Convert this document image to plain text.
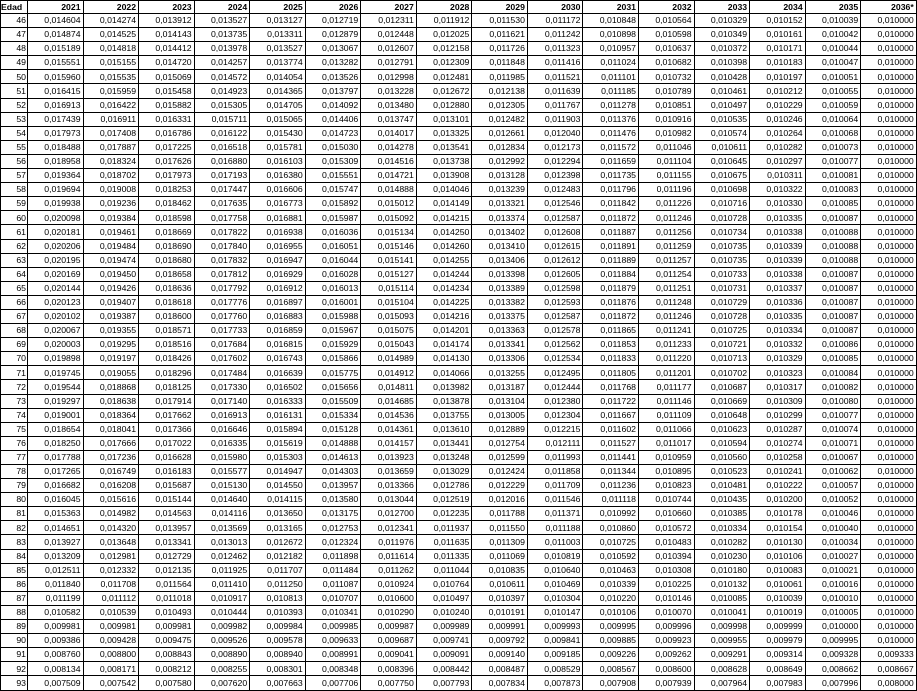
Edad	2021	2022	2023	2024	2025	2026	2027	2028	2029	2030	2031	2032	2033	2034	2035	2036*
46	0,014604	0,014274	0,013912	0,013527	0,013127	0,012719	0,012311	0,011912	0,011530	0,011172	0,010848	0,010564	0,010329	0,010152	0,010039	0,010000
47	0,014874	0,014525	0,014143	0,013735	0,013311	0,012879	0,012448	0,012025	0,011621	0,011242	0,010898	0,010598	0,010349	0,010161	0,010042	0,010000
48	0,015189	0,014818	0,014412	0,013978	0,013527	0,013067	0,012607	0,012158	0,011726	0,011323	0,010957	0,010637	0,010372	0,010171	0,010044	0,010000
49	0,015551	0,015155	0,014720	0,014257	0,013774	0,013282	0,012791	0,012309	0,011848	0,011416	0,011024	0,010682	0,010398	0,010183	0,010047	0,010000
50	0,015960	0,015535	0,015069	0,014572	0,014054	0,013526	0,012998	0,012481	0,011985	0,011521	0,011101	0,010732	0,010428	0,010197	0,010051	0,010000
51	0,016415	0,015959	0,015458	0,014923	0,014365	0,013797	0,013228	0,012672	0,012138	0,011639	0,011185	0,010789	0,010461	0,010212	0,010055	0,010000
52	0,016913	0,016422	0,015882	0,015305	0,014705	0,014092	0,013480	0,012880	0,012305	0,011767	0,011278	0,010851	0,010497	0,010229	0,010059	0,010000
53	0,017439	0,016911	0,016331	0,015711	0,015065	0,014406	0,013747	0,013101	0,012482	0,011903	0,011376	0,010916	0,010535	0,010246	0,010064	0,010000
54	0,017973	0,017408	0,016786	0,016122	0,015430	0,014723	0,014017	0,013325	0,012661	0,012040	0,011476	0,010982	0,010574	0,010264	0,010068	0,010000
55	0,018488	0,017887	0,017225	0,016518	0,015781	0,015030	0,014278	0,013541	0,012834	0,012173	0,011572	0,011046	0,010611	0,010282	0,010073	0,010000
56	0,018958	0,018324	0,017626	0,016880	0,016103	0,015309	0,014516	0,013738	0,012992	0,012294	0,011659	0,011104	0,010645	0,010297	0,010077	0,010000
57	0,019364	0,018702	0,017973	0,017193	0,016380	0,015551	0,014721	0,013908	0,013128	0,012398	0,011735	0,011155	0,010675	0,010311	0,010081	0,010000
58	0,019694	0,019008	0,018253	0,017447	0,016606	0,015747	0,014888	0,014046	0,013239	0,012483	0,011796	0,011196	0,010698	0,010322	0,010083	0,010000
59	0,019938	0,019236	0,018462	0,017635	0,016773	0,015892	0,015012	0,014149	0,013321	0,012546	0,011842	0,011226	0,010716	0,010330	0,010085	0,010000
60	0,020098	0,019384	0,018598	0,017758	0,016881	0,015987	0,015092	0,014215	0,013374	0,012587	0,011872	0,011246	0,010728	0,010335	0,010087	0,010000
61	0,020181	0,019461	0,018669	0,017822	0,016938	0,016036	0,015134	0,014250	0,013402	0,012608	0,011887	0,011256	0,010734	0,010338	0,010088	0,010000
62	0,020206	0,019484	0,018690	0,017840	0,016955	0,016051	0,015146	0,014260	0,013410	0,012615	0,011891	0,011259	0,010735	0,010339	0,010088	0,010000
63	0,020195	0,019474	0,018680	0,017832	0,016947	0,016044	0,015141	0,014255	0,013406	0,012612	0,011889	0,011257	0,010735	0,010339	0,010088	0,010000
64	0,020169	0,019450	0,018658	0,017812	0,016929	0,016028	0,015127	0,014244	0,013398	0,012605	0,011884	0,011254	0,010733	0,010338	0,010087	0,010000
65	0,020144	0,019426	0,018636	0,017792	0,016912	0,016013	0,015114	0,014234	0,013389	0,012598	0,011879	0,011251	0,010731	0,010337	0,010087	0,010000
66	0,020123	0,019407	0,018618	0,017776	0,016897	0,016001	0,015104	0,014225	0,013382	0,012593	0,011876	0,011248	0,010729	0,010336	0,010087	0,010000
67	0,020102	0,019387	0,018600	0,017760	0,016883	0,015988	0,015093	0,014216	0,013375	0,012587	0,011872	0,011246	0,010728	0,010335	0,010087	0,010000
68	0,020067	0,019355	0,018571	0,017733	0,016859	0,015967	0,015075	0,014201	0,013363	0,012578	0,011865	0,011241	0,010725	0,010334	0,010087	0,010000
69	0,020003	0,019295	0,018516	0,017684	0,016815	0,015929	0,015043	0,014174	0,013341	0,012562	0,011853	0,011233	0,010721	0,010332	0,010086	0,010000
70	0,019898	0,019197	0,018426	0,017602	0,016743	0,015866	0,014989	0,014130	0,013306	0,012534	0,011833	0,011220	0,010713	0,010329	0,010085	0,010000
71	0,019745	0,019055	0,018296	0,017484	0,016639	0,015775	0,014912	0,014066	0,013255	0,012495	0,011805	0,011201	0,010702	0,010323	0,010084	0,010000
72	0,019544	0,018868	0,018125	0,017330	0,016502	0,015656	0,014811	0,013982	0,013187	0,012444	0,011768	0,011177	0,010687	0,010317	0,010082	0,010000
73	0,019297	0,018638	0,017914	0,017140	0,016333	0,015509	0,014685	0,013878	0,013104	0,012380	0,011722	0,011146	0,010669	0,010309	0,010080	0,010000
74	0,019001	0,018364	0,017662	0,016913	0,016131	0,015334	0,014536	0,013755	0,013005	0,012304	0,011667	0,011109	0,010648	0,010299	0,010077	0,010000
75	0,018654	0,018041	0,017366	0,016646	0,015894	0,015128	0,014361	0,013610	0,012889	0,012215	0,011602	0,011066	0,010623	0,010287	0,010074	0,010000
76	0,018250	0,017666	0,017022	0,016335	0,015619	0,014888	0,014157	0,013441	0,012754	0,012111	0,011527	0,011017	0,010594	0,010274	0,010071	0,010000
77	0,017788	0,017236	0,016628	0,015980	0,015303	0,014613	0,013923	0,013248	0,012599	0,011993	0,011441	0,010959	0,010560	0,010258	0,010067	0,010000
78	0,017265	0,016749	0,016183	0,015577	0,014947	0,014303	0,013659	0,013029	0,012424	0,011858	0,011344	0,010895	0,010523	0,010241	0,010062	0,010000
79	0,016682	0,016208	0,015687	0,015130	0,014550	0,013957	0,013366	0,012786	0,012229	0,011709	0,011236	0,010823	0,010481	0,010222	0,010057	0,010000
80	0,016045	0,015616	0,015144	0,014640	0,014115	0,013580	0,013044	0,012519	0,012016	0,011546	0,011118	0,010744	0,010435	0,010200	0,010052	0,010000
81	0,015363	0,014982	0,014563	0,014116	0,013650	0,013175	0,012700	0,012235	0,011788	0,011371	0,010992	0,010660	0,010385	0,010178	0,010046	0,010000
82	0,014651	0,014320	0,013957	0,013569	0,013165	0,012753	0,012341	0,011937	0,011550	0,011188	0,010860	0,010572	0,010334	0,010154	0,010040	0,010000
83	0,013927	0,013648	0,013341	0,013013	0,012672	0,012324	0,011976	0,011635	0,011309	0,011003	0,010725	0,010483	0,010282	0,010130	0,010034	0,010000
84	0,013209	0,012981	0,012729	0,012462	0,012182	0,011898	0,011614	0,011335	0,011069	0,010819	0,010592	0,010394	0,010230	0,010106	0,010027	0,010000
85	0,012511	0,012332	0,012135	0,011925	0,011707	0,011484	0,011262	0,011044	0,010835	0,010640	0,010463	0,010308	0,010180	0,010083	0,010021	0,010000
86	0,011840	0,011708	0,011564	0,011410	0,011250	0,011087	0,010924	0,010764	0,010611	0,010469	0,010339	0,010225	0,010132	0,010061	0,010016	0,010000
87	0,011199	0,011112	0,011018	0,010917	0,010813	0,010707	0,010600	0,010497	0,010397	0,010304	0,010220	0,010146	0,010085	0,010039	0,010010	0,010000
88	0,010582	0,010539	0,010493	0,010444	0,010393	0,010341	0,010290	0,010240	0,010191	0,010147	0,010106	0,010070	0,010041	0,010019	0,010005	0,010000
89	0,009981	0,009981	0,009981	0,009982	0,009984	0,009985	0,009987	0,009989	0,009991	0,009993	0,009995	0,009996	0,009998	0,009999	0,010000	0,010000
90	0,009386	0,009428	0,009475	0,009526	0,009578	0,009633	0,009687	0,009741	0,009792	0,009841	0,009885	0,009923	0,009955	0,009979	0,009995	0,010000
91	0,008760	0,008800	0,008843	0,008890	0,008940	0,008991	0,009041	0,009091	0,009140	0,009185	0,009226	0,009262	0,009291	0,009314	0,009328	0,009333
92	0,008134	0,008171	0,008212	0,008255	0,008301	0,008348	0,008396	0,008442	0,008487	0,008529	0,008567	0,008600	0,008628	0,008649	0,008662	0,008667
93	0,007509	0,007542	0,007580	0,007620	0,007663	0,007706	0,007750	0,007793	0,007834	0,007873	0,007908	0,007939	0,007964	0,007983	0,007996	0,008000
